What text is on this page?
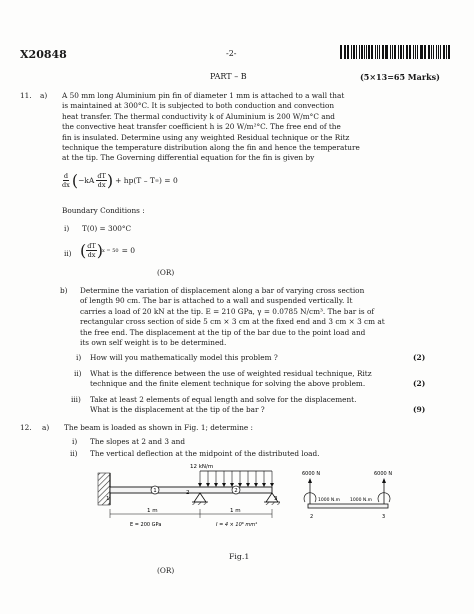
X20848	-2-
PART – B	(5×13=65 Marks)
11. a) A 50 mm long Aluminium pin fin of diameter 1 mm is attached to a wall that
is maintained at 300°C. It is subjected to both conduction and convection
heat transfer. The thermal conductivity k of Aluminium is 200 W/m°C and
the convective heat transfer coefficient h is 20 W/m²°C. The free end of the
fin is insulated. Determine using any weighted Residual technique or the Ritz
technique the temperature distribution along the fin and hence the temperature
at the tip. The Governing differential equation for the fin is given by
$\frac{d}{dx}$ ( $-kA \frac{dT}{dx}$ ) + hp(T – T ∞ ) = 0
Boundary Conditions :
i) T(0) = 300°C
ii) ( $\frac{dT}{dx}$ ) x = 50 = 0
(OR)
b) Determine the variation of displacement along a bar of varying cross section
of length 90 cm. The bar is attached to a wall and suspended vertically. It
carries a load of 20 kN at the tip. E = 210 GPa, γ = 0.0785 N/cm³. The bar is of
rectangular cross section of side 5 cm × 3 cm at the fixed end and 3 cm × 3 cm at
the free end. The displacement at the tip of the bar due to the point load and
its own self weight is to be determined.
i) How will you mathematically model this problem ?	(2)
ii) What is the difference between the use of weighted residual technique, Ritz
technique and the finite element technique for solving the above problem.	(2)
iii) Take at least 2 elements of equal length and solve for the displacement.
What is the displacement at the tip of the bar ?	(9)
12. a) The beam is loaded as shown in Fig. 1; determine :
i) The slopes at 2 and 3 and
ii) The vertical deflection at the midpoint of the distributed load.
12 kN/m
1
2
3
1	2
1 m	1 m
E = 200 GPa	I = 4 × 10⁶ mm⁴
6000 N	6000 N
1000 N.m 1000 N.m
2	3
Fig.1
(OR)
